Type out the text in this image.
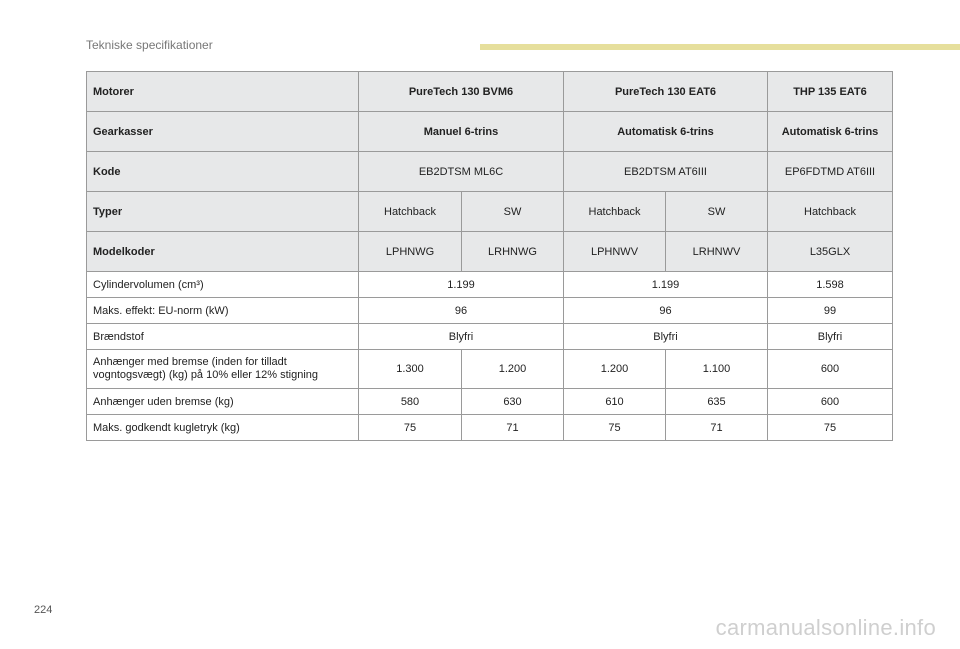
Tekniske specifikationer
Motorer	PureTech 130 BVM6		PureTech 130 EAT6		THP 135 EAT6
Gearkasser	Manuel 6-trins		Automatisk 6-trins		Automatisk 6-trins
Kode	EB2DTSM ML6C		EB2DTSM AT6III		EP6FDTMD AT6III
Typer	Hatchback	SW	Hatchback	SW	Hatchback
Modelkoder	LPHNWG	LRHNWG	LPHNWV	LRHNWV	L35GLX
Cylindervolumen (cm³)	1.199		1.199		1.598
Maks. effekt: EU-norm (kW)	96		96		99
Brændstof	Blyfri		Blyfri		Blyfri
Anhænger med bremse (inden for tilladt vogntogsvægt) (kg) på 10% eller 12% stigning	1.300	1.200	1.200	1.100	600
Anhænger uden bremse (kg)	580	630	610	635	600
Maks. godkendt kugletryk (kg)	75	71	75	71	75
224
carmanualsonline.info
